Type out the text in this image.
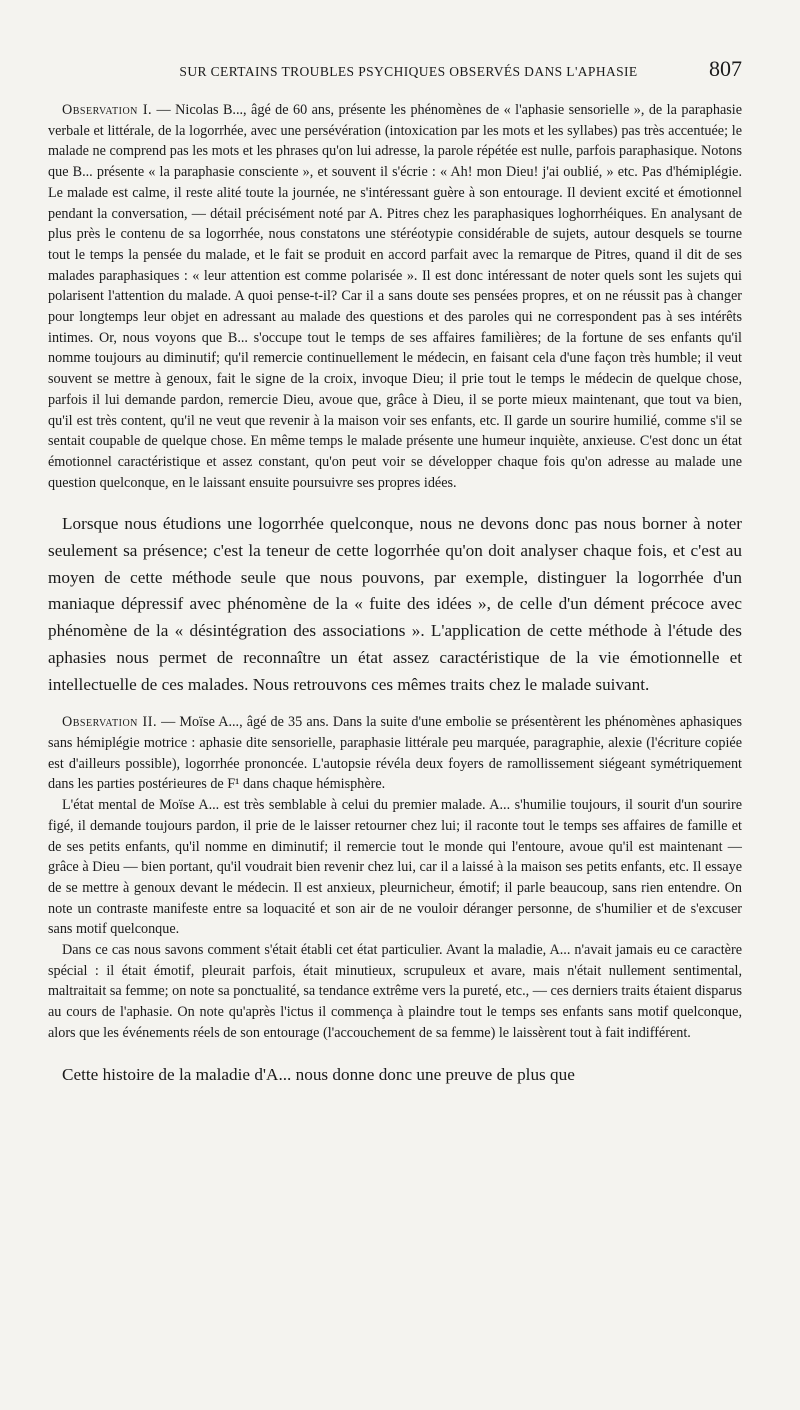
SUR CERTAINS TROUBLES PSYCHIQUES OBSERVÉS DANS L'APHASIE	807

Observation I. — Nicolas B..., âgé de 60 ans, présente les phénomènes de « l'aphasie sensorielle », de la paraphasie verbale et littérale, de la logorrhée, avec une persévération (intoxication par les mots et les syllabes) pas très accentuée; le malade ne comprend pas les mots et les phrases qu'on lui adresse, la parole répétée est nulle, parfois paraphasique. Notons que B... présente « la paraphasie consciente », et souvent il s'écrie : « Ah! mon Dieu! j'ai oublié, » etc. Pas d'hémiplégie. Le malade est calme, il reste alité toute la journée, ne s'intéressant guère à son entourage. Il devient excité et émotionnel pendant la conversation, — détail précisément noté par A. Pitres chez les paraphasiques loghorrhéiques. En analysant de plus près le contenu de sa logorrhée, nous constatons une stéréotypie considérable de sujets, autour desquels se tourne tout le temps la pensée du malade, et le fait se produit en accord parfait avec la remarque de Pitres, quand il dit de ses malades paraphasiques : « leur attention est comme polarisée ». Il est donc intéressant de noter quels sont les sujets qui polarisent l'attention du malade. A quoi pense-t-il? Car il a sans doute ses pensées propres, et on ne réussit pas à changer pour longtemps leur objet en adressant au malade des questions et des paroles qui ne correspondent pas à ses intérêts intimes. Or, nous voyons que B... s'occupe tout le temps de ses affaires familières; de la fortune de ses enfants qu'il nomme toujours au diminutif; qu'il remercie continuellement le médecin, en faisant cela d'une façon très humble; il veut souvent se mettre à genoux, fait le signe de la croix, invoque Dieu; il prie tout le temps le médecin de quelque chose, parfois il lui demande pardon, remercie Dieu, avoue que, grâce à Dieu, il se porte mieux maintenant, que tout va bien, qu'il est très content, qu'il ne veut que revenir à la maison voir ses enfants, etc. Il garde un sourire humilié, comme s'il se sentait coupable de quelque chose. En même temps le malade présente une humeur inquiète, anxieuse. C'est donc un état émotionnel caractéristique et assez constant, qu'on peut voir se développer chaque fois qu'on adresse au malade une question quelconque, en le laissant ensuite poursuivre ses propres idées.

Lorsque nous étudions une logorrhée quelconque, nous ne devons donc pas nous borner à noter seulement sa présence; c'est la teneur de cette logorrhée qu'on doit analyser chaque fois, et c'est au moyen de cette méthode seule que nous pouvons, par exemple, distinguer la logorrhée d'un maniaque dépressif avec phénomène de la « fuite des idées », de celle d'un dément précoce avec phénomène de la « désintégration des associations ». L'application de cette méthode à l'étude des aphasies nous permet de reconnaître un état assez caractéristique de la vie émotionnelle et intellectuelle de ces malades. Nous retrouvons ces mêmes traits chez le malade suivant.

Observation II. — Moïse A..., âgé de 35 ans. Dans la suite d'une embolie se présentèrent les phénomènes aphasiques sans hémiplégie motrice : aphasie dite sensorielle, paraphasie littérale peu marquée, paragraphie, alexie (l'écriture copiée est d'ailleurs possible), logorrhée prononcée. L'autopsie révéla deux foyers de ramollissement siégeant symétriquement dans les parties postérieures de F¹ dans chaque hémisphère.

L'état mental de Moïse A... est très semblable à celui du premier malade. A... s'humilie toujours, il sourit d'un sourire figé, il demande toujours pardon, il prie de le laisser retourner chez lui; il raconte tout le temps ses affaires de famille et de ses petits enfants, qu'il nomme en diminutif; il remercie tout le monde qui l'entoure, avoue qu'il est maintenant — grâce à Dieu — bien portant, qu'il voudrait bien revenir chez lui, car il a laissé à la maison ses petits enfants, etc. Il essaye de se mettre à genoux devant le médecin. Il est anxieux, pleurnicheur, émotif; il parle beaucoup, sans rien entendre. On note un contraste manifeste entre sa loquacité et son air de ne vouloir déranger personne, de s'humilier et de s'excuser sans motif quelconque.

Dans ce cas nous savons comment s'était établi cet état particulier. Avant la maladie, A... n'avait jamais eu ce caractère spécial : il était émotif, pleurait parfois, était minutieux, scrupuleux et avare, mais n'était nullement sentimental, maltraitait sa femme; on note sa ponctualité, sa tendance extrême vers la pureté, etc., — ces derniers traits étaient disparus au cours de l'aphasie. On note qu'après l'ictus il commença à plaindre tout le temps ses enfants sans motif quelconque, alors que les événements réels de son entourage (l'accouchement de sa femme) le laissèrent tout à fait indifférent.

Cette histoire de la maladie d'A... nous donne donc une preuve de plus que
